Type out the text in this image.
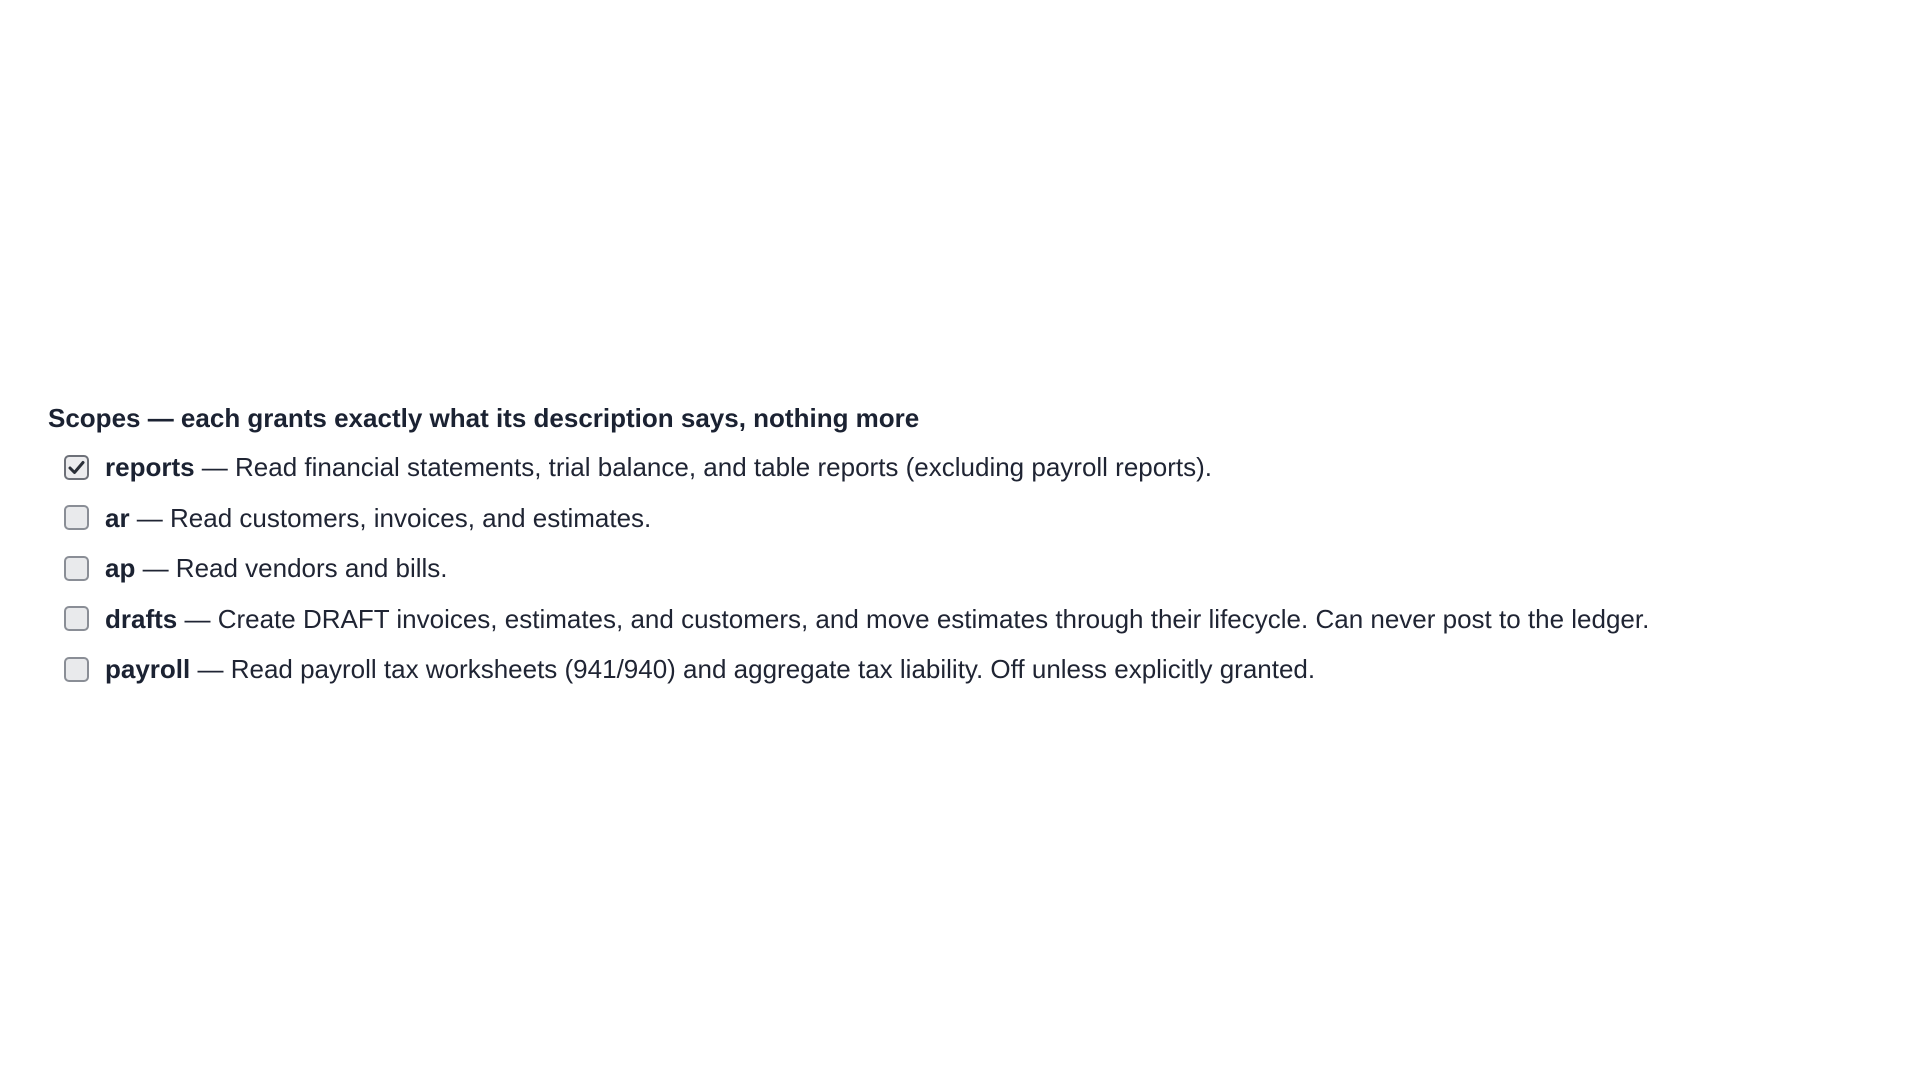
Scopes — each grants exactly what its description says, nothing more
reports — Read financial statements, trial balance, and table reports (excluding payroll reports).
ar — Read customers, invoices, and estimates.
ap — Read vendors and bills.
drafts — Create DRAFT invoices, estimates, and customers, and move estimates through their lifecycle. Can never post to the ledger.
payroll — Read payroll tax worksheets (941/940) and aggregate tax liability. Off unless explicitly granted.
